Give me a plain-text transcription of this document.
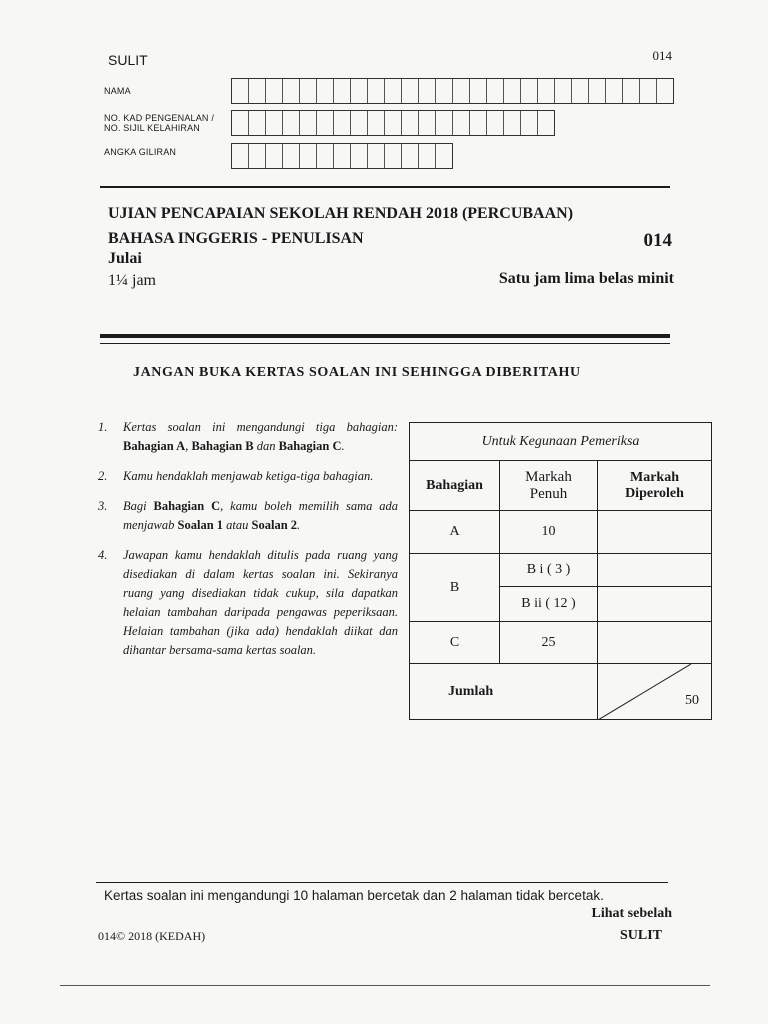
SULIT	014
NAMA
NO. KAD PENGENALAN /
NO. SIJIL KELAHIRAN
ANGKA GILIRAN
UJIAN PENCAPAIAN SEKOLAH RENDAH 2018 (PERCUBAAN)
BAHASA INGGERIS - PENULISAN	014
Julai
1¼ jam	Satu jam lima belas minit
JANGAN BUKA KERTAS SOALAN INI SEHINGGA DIBERITAHU
1.	Kertas soalan ini mengandungi tiga bahagian: Bahagian A, Bahagian B dan Bahagian C.
2.	Kamu hendaklah menjawab ketiga-tiga bahagian.
3.	Bagi Bahagian C, kamu boleh memilih sama ada menjawab Soalan 1 atau Soalan 2.
4.	Jawapan kamu hendaklah ditulis pada ruang yang disediakan di dalam kertas soalan ini. Sekiranya ruang yang disediakan tidak cukup, sila dapatkan helaian tambahan daripada pengawas peperiksaan. Helaian tambahan (jika ada) hendaklah diikat dan dihantar bersama-sama kertas soalan.
Untuk Kegunaan Pemeriksa		
Bahagian	Markah Penuh	Markah Diperoleh
A	10	
B	B i ( 3 )	
	B ii ( 12 )	
C	25	
Jumlah		50
Kertas soalan ini mengandungi 10 halaman bercetak dan 2 halaman tidak bercetak.
Lihat sebelah
014© 2018 (KEDAH)	SULIT
